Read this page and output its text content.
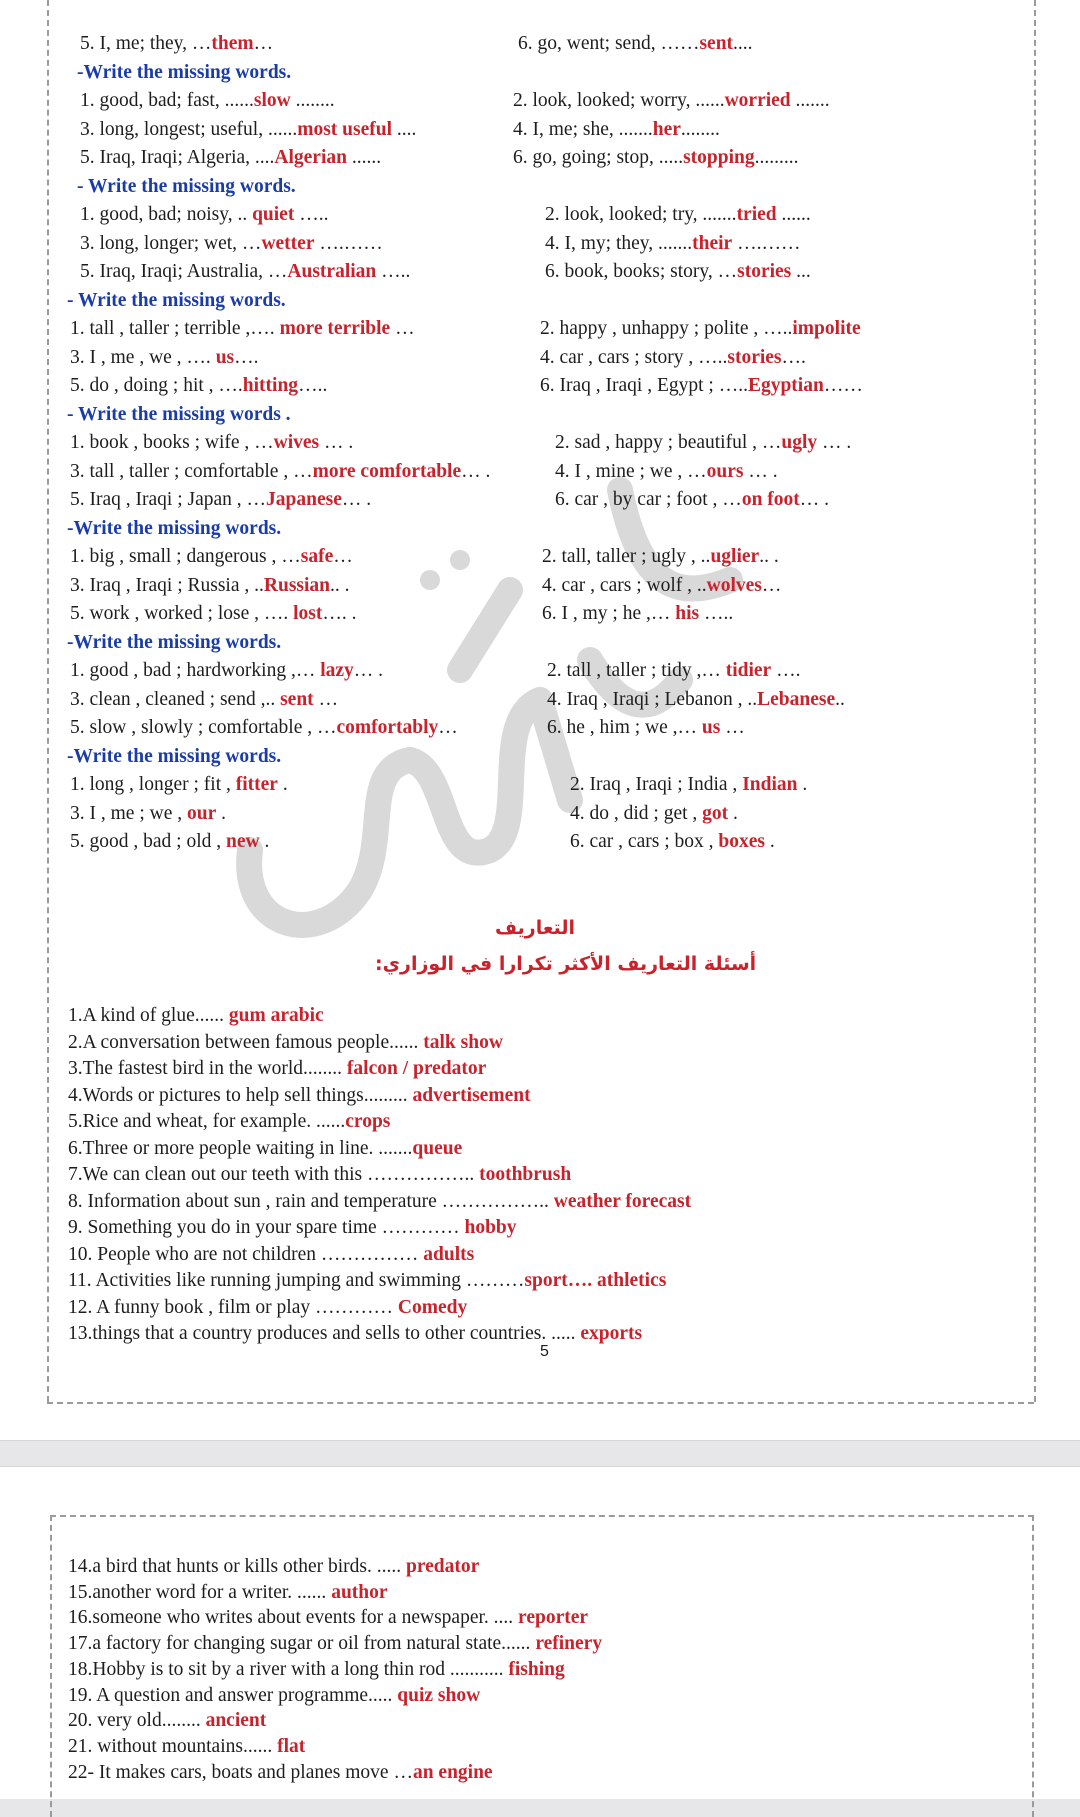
5. I, me; they, …them…	6. go, went; send, ……sent....
-Write the missing words.
1. good, bad; fast, ......slow ........	2. look, looked; worry, ......worried .......
3. long, longest; useful, ......most useful ....	4. I, me; she, .......her........
5. Iraq, Iraqi; Algeria, ....Algerian ......	6. go, going; stop, .....stopping.........
- Write the missing words.
1. good, bad; noisy, .. quiet …..	2. look, looked; try, .......tried ......
3. long, longer; wet, …wetter ….……	4. I, my; they, .......their ….……
5. Iraq, Iraqi; Australia, …Australian …..	6. book, books; story, …stories ...
- Write the missing words.
1. tall , taller ; terrible ,…. more terrible …	2. happy , unhappy ; polite , …..impolite
3. I , me , we , …. us….	4. car , cars ; story , …..stories….
5. do , doing ; hit , ….hitting…..	6. Iraq , Iraqi , Egypt ; …..Egyptian……
- Write the missing words .
1. book , books ; wife , …wives … .	2. sad , happy ; beautiful , …ugly … .
3. tall , taller ; comfortable , …more comfortable… .	4. I , mine ; we , …ours … .
5. Iraq , Iraqi ; Japan , …Japanese… .	6. car , by car ; foot , …on foot… .
-Write the missing words.
1. big , small ; dangerous , …safe…	2. tall, taller ; ugly , ..uglier.. .
3. Iraq , Iraqi ; Russia , ..Russian.. .	4. car , cars ; wolf , ..wolves…
5. work , worked ; lose , …. lost…. .	6. I , my ; he ,… his …..
-Write the missing words.
1. good , bad ; hardworking ,… lazy… .	2. tall , taller ; tidy ,… tidier ….
3. clean , cleaned ; send ,.. sent …	4. Iraq , Iraqi ; Lebanon , ..Lebanese..
5. slow , slowly ; comfortable , …comfortably…	6. he , him ; we ,… us …
-Write the missing words.
1. long , longer ; fit , fitter .	2. Iraq , Iraqi ; India , Indian .
3. I , me ; we , our .	4. do , did ; get , got .
5. good , bad ; old , new .	6. car , cars ; box , boxes .
التعاريف
أسئلة التعاريف الأكثر تكرارا في الوزاري:
1.A kind of glue...... gum arabic
2.A conversation between famous people...... talk show
3.The fastest bird in the world........ falcon / predator
4.Words or pictures to help sell things......... advertisement
5.Rice and wheat, for example. ......crops
6.Three or more people waiting in line. .......queue
7.We can clean out our teeth with this …………….. toothbrush
8. Information about sun , rain and temperature …………….. weather forecast
9. Something you do in your spare time ………… hobby
10. People who are not children …………… adults
11. Activities like running jumping and swimming ………sport…. athletics
12. A funny book , film or play ………… Comedy
13.things that a country produces and sells to other countries. ..... exports
5
14.a bird that hunts or kills other birds. ..... predator
15.another word for a writer. ...... author
16.someone who writes about events for a newspaper. .... reporter
17.a factory for changing sugar or oil from natural state...... refinery
18.Hobby is to sit by a river with a long thin rod ........... fishing
19. A question and answer programme..... quiz show
20. very old........ ancient
21. without mountains...... flat
22- It makes cars, boats and planes move …an engine
